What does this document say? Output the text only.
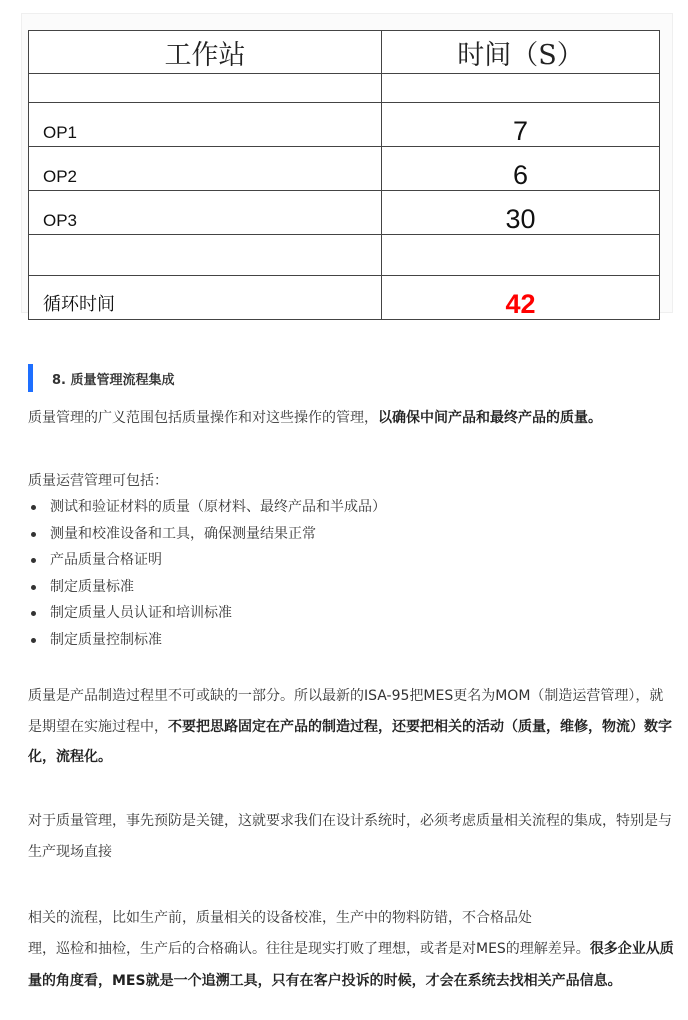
工作站	时间（S）

OP1	7
OP2	6
OP3	30

循环时间	42
8. 质量管理流程集成

质量管理的广义范围包括质量操作和对这些操作的管理，以确保中间产品和最终产品的质量。

质量运营管理可包括：

测试和验证材料的质量（原材料、最终产品和半成品）
测量和校准设备和工具，确保测量结果正常
产品质量合格证明
制定质量标准
制定质量人员认证和培训标准
制定质量控制标准

质量是产品制造过程里不可或缺的一部分。所以最新的ISA-95把MES更名为MOM（制造运营管理），就是期望在实施过程中，不要把思路固定在产品的制造过程，还要把相关的活动（质量，维修，物流）数字化，流程化。

对于质量管理，事先预防是关键，这就要求我们在设计系统时，必须考虑质量相关流程的集成，特别是与生产现场直接

相关的流程，比如生产前，质量相关的设备校准，生产中的物料防错，不合格品处
理，巡检和抽检，生产后的合格确认。往往是现实打败了理想，或者是对MES的理解差异。很多企业从质量的角度看，MES就是一个追溯工具，只有在客户投诉的时候，才会在系统去找相关产品信息。
